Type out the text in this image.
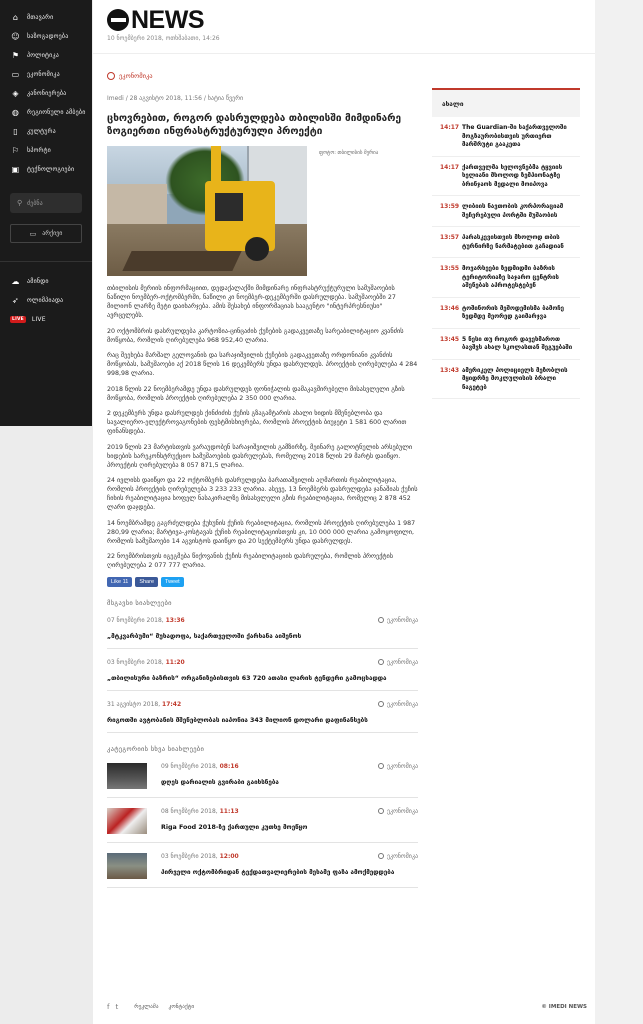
⌂	მთავარი
☺ საზოგადოება
⚑	პოლიტიკა
▭ ეკონომიკა
◈	კანონიერება
◍	რეგიონული ამბები
▯	კულტურა
⚐	სპორტი
▣ ტექნოლოგიები
⚲ ძებნა
▭ არქივი
☁ ამინდი
➶	ოლიმპიადა
LIVE	LIVE
NEWS
10 ნოემბერი 2018, ოთხშაბათი, 14:26
ეკონომიკა
Imedi / 28 აგვისტო 2018, 11:56 / ხატია წვერი
ცხოვრებით, როგორ დასრულდება თბილისში მიმდინარე ზოგიერთი ინფრასტრუქტურული პროექტი
ფოტო: თბილისის მერია

თბილისის მერიის ინფორმაციით, დედაქალაქში მიმდინარე ინფრასტრუქტურული სამუშაოების ნაწილი ნოემბერ-ოქტომბერში, ნაწილი კი ნოემბერ-დეკემბერში დასრულდება. სამუშაოებში 27 მილიონ ლარზე მეტი დაიხარჯება. ამის შესახებ ინფორმაციას სააგენტო "ინტერპრესნიუსი" ავრცელებს.

20 ოქტომბრის დასრულდება კარტოზია-ცინცაძის ქუჩების გადაკვეთაზე სარეაბილიტაციო კვანძის მოწყობა, რომლის ღირებულება 968 952,40 ლარია.

რაც შეეხება მარშალ გელოვანის და სარაჯიშვილის ქუჩების გადაკვეთაზე ორდონიანი კვანძის მოწყობას, სამუშაოები აქ 2018 წლის 16 დეკემბერს უნდა დასრულდეს. პროექტის ღირებულება 4 284 998,98 ლარია.

2018 წლის 22 ნოემბერამდე უნდა დასრულდეს ფონიჭალის დამაკავშირებელი მისასვლელი გზის მოწყობა, რომლის პროექტის ღირებულება 2 350 000 ლარია.

2 დეკემბერს უნდა დასრულდეს ქინძიძის ქუჩის გზაგამტარის ახალი ხიდის მშენებლობა და სავალიერო-ელექტროვაგონების ფესტმისხიერება, რომლის პროექტის ბიუჯეტი 1 581 600 ლარით ფინანსდება.

2019 წლის 23 მარტისთვის ვარაუდობენ სარაჯიშვილის გამზირზე, მეინარე გალოტნულის არსებული ხიდების სარეკონსტრუქციო სამუშაოების დასრულებას, რომელიც 2018 წლის 29 მარტს დაიწყო. პროექტის ღირებულება 8 057 871,5 ლარია.

24 ივლისს დაიწყო და 22 ოქტომბერს დასრულდება ბარათაშვილის აღმართის რეაბილიტაცია, რომლის პროექტის ღირებულება 3 233 233 ლარია. ასევე, 13 ნოემბერს დასრულდება ჯანაშიას ქუჩის ჩიხის რეაბილიტაცია სოფელ ნასაკირალზე მისასვლელი გზის რეაბილიტაცია, რომელიც 2 878 452 ლარი დაჯდება.

14 ნოემბრამდე გაგრძელდება ჭუხუნის ქუჩის რეაბილიტაცია, რომლის პროექტის ღირებულება 1 987 280,99 ლარია; მარტივა-კოსტავას ქუჩის რეაბილიტაციისთვის კი, 10 000 000 ლარია გამოყოფილი, რომლის სამუშაოები 14 აგვისტოს დაიწყო და 20 სექტემბერს უნდა დასრულდეს.

22 ნოემბრისთვის იგეგმება წიქოვანის ქუჩის რეაბილიტაციის დასრულება, რომლის პროექტის ღირებულება 2 077 777 ლარია.

Like 11	Share	Tweet
მსგავსი სიახლეები
07 ნოემბერი 2018, 13:36	ეკონომიკა
„მტკვარბუმი“ მუხადოფა, საქართველოში ქარხანა აიშენოს
03 ნოემბერი 2018, 11:20	ეკონომიკა
„თბილისური ბაზრის“ ორგანიზებისთვის 63 720 ათასი ლარის ტენდერი გამოცხადდა
31 აგვისტო 2018, 17:42	ეკონომიკა
რიგოთში ავტობანის მშენებლობას იაპონია 343 მილიონ დოლარი დაფინანსებს
კატეგორიის სხვა სიახლეები
09 ნოემბერი 2018, 08:16	ეკონომიკა
დღეს დარიალის გვირაბი გაიხსნება
08 ნოემბერი 2018, 11:13	ეკონომიკა
Riga Food 2018-ზე ქართული კუთხე მოეწყო
03 ნოემბერი 2018, 12:00	ეკონომიკა
პირველი ოქტომბრიდან ტექდათვალიერების მეხამე ფაზა ამოქმედდება
ახალი
14:17 The Guardian-ში საქართველოში მოგზაურობისთვის ურთიერთ მარშრუტი გააკეთა
14:17 ქართველმა ხელოვნებმა ტყვიის ხელიანი მხოლოდ ზემპიონატზე ბრინჯაოს მედალი მოიპოვა
13:59 ლიბიის ნავთობის კორპორაციამ შეჩერებული პორტში მუშაობის
13:57 პარასკევისთვის მხოლოდ თბის ტურნირზე ნარმატებით გაჩადიან
13:55 მოვარხეები ზედმიდმი ბაზრის ტერიტორიაზე საჯარო ცენტრის აშენებას აპროტესტებენ
13:46 ტოშინორის მეშოდემისმა ბამოჩე ზედმდე მეორედ გაიმარჯვა
13:45 5 ნესი თუ როგორ დავეხმაროთ ბავშვს ახალ სკოლასთან შეგუებაში
13:43 ამერიკელ პოლიციელს მეზობლის მყიდრზე მოკლულისის ბრალი ნაგეტებ
f t	რეკლამა კონტაქტი	© IMEDI NEWS
